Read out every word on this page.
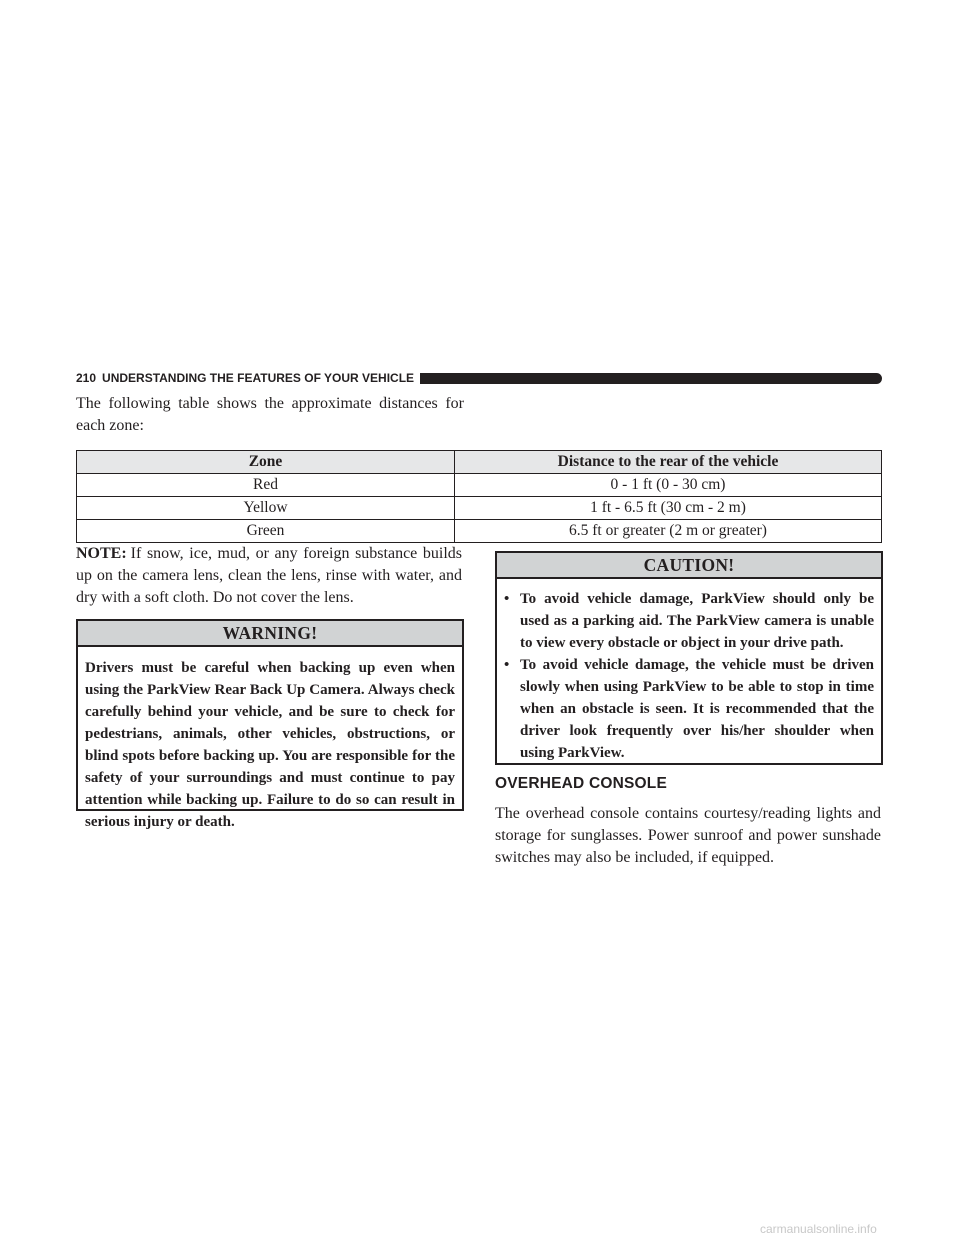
210 UNDERSTANDING THE FEATURES OF YOUR VEHICLE

The following table shows the approximate distances for each zone:

Zone	Distance to the rear of the vehicle
Red	0 - 1 ft (0 - 30 cm)
Yellow	1 ft - 6.5 ft (30 cm - 2 m)
Green	6.5 ft or greater (2 m or greater)

NOTE: If snow, ice, mud, or any foreign substance builds up on the camera lens, clean the lens, rinse with water, and dry with a soft cloth. Do not cover the lens.

WARNING!
Drivers must be careful when backing up even when using the ParkView Rear Back Up Camera. Always check carefully behind your vehicle, and be sure to check for pedestrians, animals, other vehicles, obstructions, or blind spots before backing up. You are responsible for the safety of your surroundings and must continue to pay attention while backing up. Failure to do so can result in serious injury or death.
CAUTION!
• To avoid vehicle damage, ParkView should only be used as a parking aid. The ParkView camera is unable to view every obstacle or object in your drive path.
• To avoid vehicle damage, the vehicle must be driven slowly when using ParkView to be able to stop in time when an obstacle is seen. It is recommended that the driver look frequently over his/her shoulder when using ParkView.
OVERHEAD CONSOLE

The overhead console contains courtesy/reading lights and storage for sunglasses. Power sunroof and power sunshade switches may also be included, if equipped.

carmanualsonline.info
